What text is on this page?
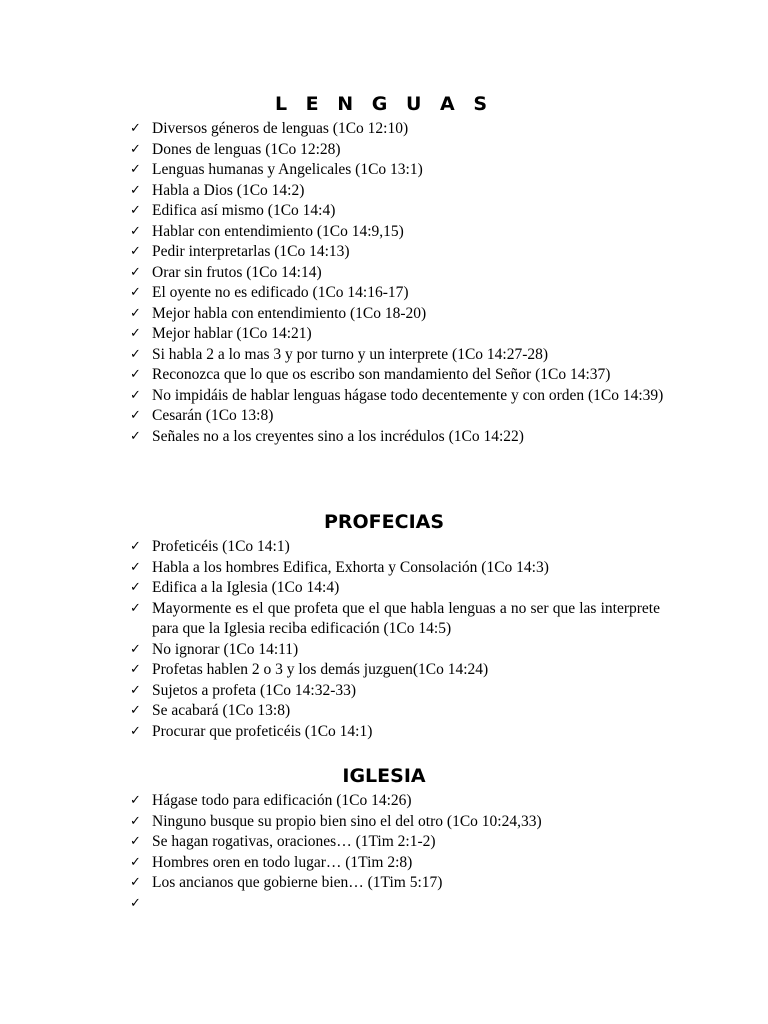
L E N G U A S
✓ Diversos géneros de lenguas (1Co 12:10)
✓ Dones de lenguas (1Co 12:28)
✓ Lenguas humanas y Angelicales (1Co 13:1)
✓ Habla a Dios (1Co 14:2)
✓ Edifica así mismo (1Co 14:4)
✓ Hablar con entendimiento (1Co 14:9,15)
✓ Pedir interpretarlas (1Co 14:13)
✓ Orar sin frutos (1Co 14:14)
✓ El oyente no es edificado (1Co 14:16-17)
✓ Mejor habla con entendimiento (1Co 18-20)
✓ Mejor hablar (1Co 14:21)
✓ Si habla 2 a lo mas 3 y por turno y un interprete (1Co 14:27-28)
✓ Reconozca que lo que os escribo son mandamiento del Señor (1Co 14:37)
✓ No impidáis de hablar lenguas hágase todo decentemente y con orden (1Co 14:39)
✓ Cesarán (1Co 13:8)
✓ Señales no a los creyentes sino a los incrédulos (1Co 14:22)
PROFECIAS
✓ Profeticéis (1Co 14:1)
✓ Habla a los hombres Edifica, Exhorta y Consolación (1Co 14:3)
✓ Edifica a la Iglesia (1Co 14:4)
✓ Mayormente es el que profeta que el que habla lenguas a no ser que las interprete para que la Iglesia reciba edificación (1Co 14:5)
✓ No ignorar (1Co 14:11)
✓ Profetas hablen 2 o 3 y los demás juzguen(1Co 14:24)
✓ Sujetos a profeta (1Co 14:32-33)
✓ Se acabará (1Co 13:8)
✓ Procurar que profeticéis (1Co 14:1)
IGLESIA
✓ Hágase todo para edificación (1Co 14:26)
✓ Ninguno busque su propio bien sino el del otro (1Co 10:24,33)
✓ Se hagan rogativas, oraciones… (1Tim 2:1-2)
✓ Hombres oren en todo lugar… (1Tim 2:8)
✓ Los ancianos que gobierne bien… (1Tim 5:17)
✓
